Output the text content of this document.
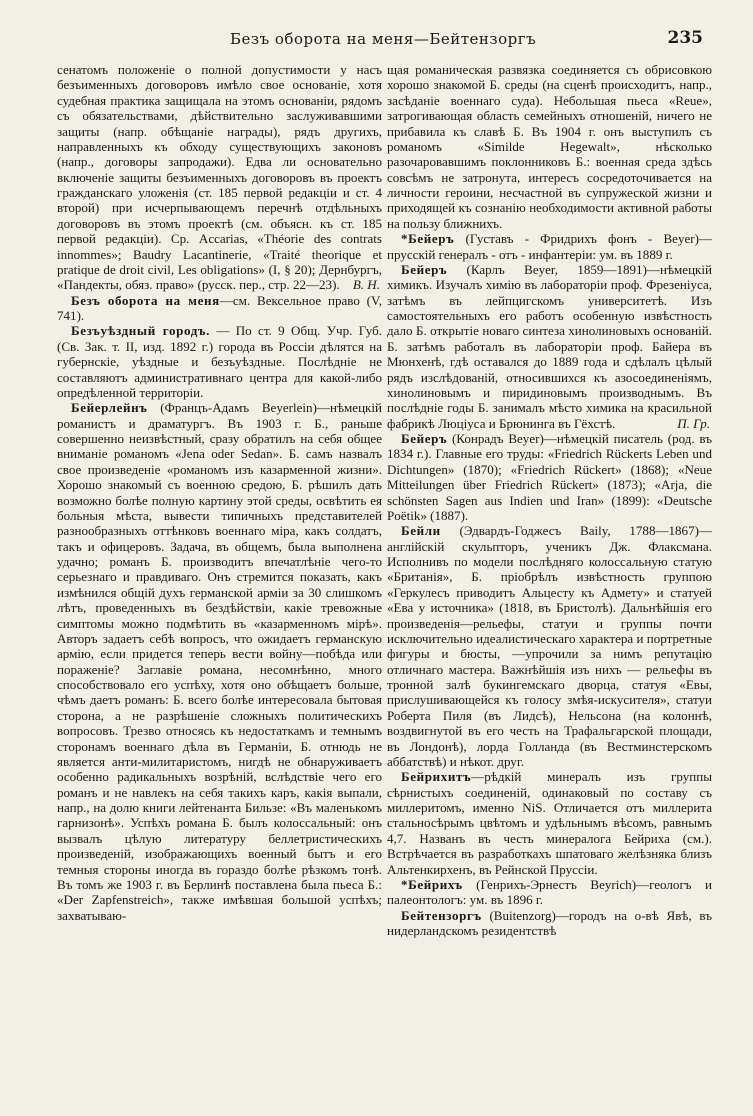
Безъ оборота на меня—Бейтензоргъ	235

сенатомъ положеніе о полной допустимости у насъ безъименныхъ договоровъ имѣло свое основаніе, хотя судебная практика защищала на этомъ основаніи, рядомъ съ обязательствами, дѣйствительно заслуживавшими защиты (напр. обѣщаніе награды), рядъ другихъ, направленныхъ къ обходу существующихъ законовъ (напр., договоры запродажи). Едва ли основательно включеніе защиты безъименныхъ договоровъ въ проектъ гражданскаго уложенія (ст. 185 первой редакціи и ст. 4 второй) при исчерпывающемъ перечнѣ отдѣльныхъ договоровъ въ этомъ проектѣ (см. объясн. къ ст. 185 первой редакціи). Ср. Accarias, «Théorie des contrats innommes»; Baudry Lacantinerie, «Traité theorique et pratique de droit civil, Les obligations» (I, § 20); Дернбургъ, «Пандекты, обяз. право» (русск. пер., стр. 22—23). В. Н.

Безъ оборота на меня—см. Вексельное право (V, 741).

Безъуѣздный городъ. — По ст. 9 Общ. Учр. Губ. (Св. Зак. т. II, изд. 1892 г.) города въ Россіи дѣлятся на губернскіе, уѣздные и безъуѣздные. Послѣдніе не составляютъ административнаго центра для какой-либо опредѣленной территоріи.

Бейерлейнъ (Францъ-Адамъ Beyerlein)—нѣмецкій романистъ и драматургъ. Въ 1903 г. Б., раньше совершенно неизвѣстный, сразу обратилъ на себя общее вниманіе романомъ «Jena oder Sedan». Б. самъ назвалъ свое произведеніе «романомъ изъ казарменной жизни». Хорошо знакомый съ военною средою, Б. рѣшилъ дать возможно болѣе полную картину этой среды, освѣтить ея больныя мѣста, вывести типичныхъ представителей разнообразныхъ оттѣнковъ военнаго міра, какъ солдатъ, такъ и офицеровъ. Задача, въ общемъ, была выполнена удачно; романъ Б. производитъ впечатлѣніе чего-то серьезнаго и правдиваго. Онъ стремится показать, какъ измѣнился общій духъ германской арміи за 30 слишкомъ лѣтъ, проведенныхъ въ бездѣйствіи, какіе тревожные симптомы можно подмѣтить въ «казарменномъ мірѣ». Авторъ задаетъ себѣ вопросъ, что ожидаетъ германскую армію, если придется теперь вести войну—побѣда или пораженіе? Заглавіе романа, несомнѣнно, много способствовало его успѣху, хотя оно обѣщаетъ больше, чѣмъ даетъ романъ: Б. всего болѣе интересовала бытовая сторона, а не разрѣшеніе сложныхъ политическихъ вопросовъ. Трезво относясь къ недостаткамъ и темнымъ сторонамъ военнаго дѣла въ Германіи, Б. отнюдь не является анти-милитаристомъ, нигдѣ не обнаруживаетъ особенно радикальныхъ возрѣній, вслѣдствіе чего его романъ и не навлекъ на себя такихъ каръ, какія выпали, напр., на долю книги лейтенанта Бильзе: «Въ маленькомъ гарнизонѣ». Успѣхъ романа Б. былъ колоссальный: онъ вызвалъ цѣлую литературу беллетристическихъ произведеній, изображающихъ военный бытъ и его темныя стороны иногда въ гораздо болѣе рѣзкомъ тонѣ. Въ томъ же 1903 г. въ Берлинѣ поставлена была пьеса Б.: «Der Zapfenstreich», также имѣвшая большой успѣхъ; захватываю-

щая романическая развязка соединяется съ обрисовкою хорошо знакомой Б. среды (на сценѣ происходитъ, напр., засѣданіе военнаго суда). Небольшая пьеса «Reue», затрогивающая область семейныхъ отношеній, ничего не прибавила къ славѣ Б. Въ 1904 г. онъ выступилъ съ романомъ «Similde Hegewalt», нѣсколько разочаровавшимъ поклонниковъ Б.: военная среда здѣсь совсѣмъ не затронута, интересъ сосредоточивается на личности героини, несчастной въ супружеской жизни и приходящей къ сознанію необходимости активной работы на пользу ближнихъ.

*Бейеръ (Густавъ - Фридрихъ фонъ - Beyer)—прусскій генералъ - отъ - инфантеріи: ум. въ 1889 г.

Бейеръ (Карлъ Beyer, 1859—1891)—нѣмецкій химикъ. Изучалъ химію въ лабораторіи проф. Фрезеніуса, затѣмъ въ лейпцигскомъ университетѣ. Изъ самостоятельныхъ его работъ особенную извѣстность дало Б. открытіе новаго синтеза хинолиновыхъ основаній. Б. затѣмъ работалъ въ лабораторіи проф. Байера въ Мюнхенѣ, гдѣ оставался до 1889 года и сдѣлалъ цѣлый рядъ изслѣдованій, относившихся къ азосоединеніямъ, хинолиновымъ и пиридиновымъ производнымъ. Въ послѣдніе годы Б. занималъ мѣсто химика на красильной фабрикѣ Люціуса и Брюнинга въ Гёхстѣ.	П. Гр.

Бейеръ (Конрадъ Beyer)—нѣмецкій писатель (род. въ 1834 г.). Главные его труды: «Friedrich Rückerts Leben und Dichtungen» (1870); «Friedrich Rückert» (1868); «Neue Mitteilungen über Friedrich Rückert» (1873); «Arja, die schönsten Sagen aus Indien und Iran» (1899): «Deutsche Poëtik» (1887).

Бейли (Эдвардъ-Годжесъ Baily, 1788—1867)—англійскій скульпторъ, ученикъ Дж. Флаксмана. Исполнивъ по модели послѣдняго колоссальную статую «Британія», Б. пріобрѣлъ извѣстность группою «Геркулесъ приводитъ Альцесту къ Адмету» и статуей «Ева у источника» (1818, въ Бристолѣ). Дальнѣйшія его произведенія—рельефы, статуи и группы почти исключительно идеалистическаго характера и портретные фигуры и бюсты, —упрочили за нимъ репутацію отличнаго мастера. Важнѣйшія изъ нихъ — рельефы въ тронной залѣ букингемскаго дворца, статуя «Евы, прислушивающейся къ голосу змѣя-искусителя», статуи Роберта Пиля (въ Лидсѣ), Нельсона (на колоннѣ, воздвигнутой въ его честь на Трафальгарской площади, въ Лондонѣ), лорда Голланда (въ Вестминстерскомъ аббатствѣ) и нѣкот. друг.

Бейрихитъ—рѣдкій минералъ изъ группы сѣрнистыхъ соединеній, одинаковый по составу съ миллеритомъ, именно NiS. Отличается отъ миллерита стальносѣрымъ цвѣтомъ и удѣльнымъ вѣсомъ, равнымъ 4,7. Названъ въ честь минералога Бейриха (см.). Встрѣчается въ разработкахъ шпатоваго желѣзняка близъ Альтенкирхенъ, въ Рейнской Пруссіи.

*Бейрихъ (Генрихъ-Эрнестъ Beyrich)—геологъ и палеонтологъ: ум. въ 1896 г.

Бейтензоргъ (Buitenzorg)—городъ на о-вѣ Явѣ, въ нидерландскомъ резидентствѣ
